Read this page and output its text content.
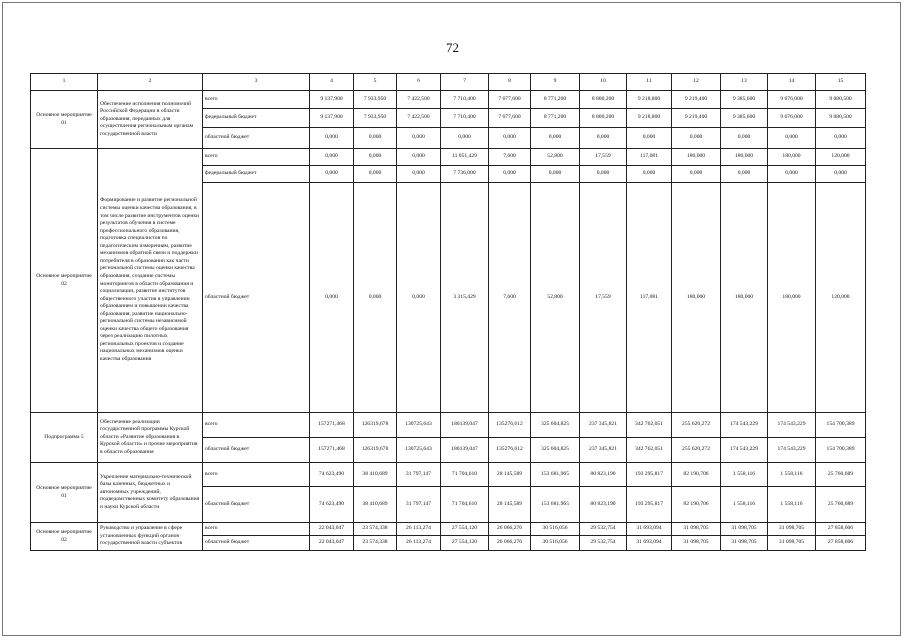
72
1	2	3	4	5	6	7	8	9	10	11	12	13	14	15
Основное мероприятие 01	Обеспечение исполнения полномочий Российской Федерации в области образования, переданных для осуществления региональным органам государственной власти	всего	9 137,900	7 933,950	7 422,500	7 710,400	7 677,600	8 771,200	8 800,200	9 218,800	9 219,400	9 385,600	9 676,000	9 080,500
		федеральный бюджет	9 137,900	7 933,950	7 422,500	7 710,400	7 677,600	8 771,200	8 800,200	9 218,800	9 219,400	9 385,600	9 676,000	9 080,500
		областной бюджет	0,000	0,000	0,000	0,000	0,000	0,000	0,000	0,000	0,000	0,000	0,000	0,000
Основное мероприятие 02	Формирование и развитие региональной системы оценки качества образования, в том числе развитие инструментов оценки результатов обучения в системе профессионального образования, подготовка специалистов по педагогическим измерениям, развитие механизмов обратной связи и поддержки потребителя в образовании как части региональной системы оценки качества образования, создание системы мониторингов в области образования и социализации, развитие институтов общественного участия в управлении образованием и повышении качества образования, развитие национально- региональной системы независимой оценки качества общего образования через реализацию пилотных региональных проектов и создание национальных механизмов оценки качества образования	всего	0,000	0,000	0,000	11 051,429	7,600	52,800	17,559	117,081	180,000	180,000	180,000	120,000
		федеральный бюджет	0,000	0,000	0,000	7 736,000	0,000	0,000	0,000	0,000	0,000	0,000	0,000	0,000
		областной бюджет	0,000	0,000	0,000	3 315,429	7,600	52,800	17,559	117,081	180,000	180,000	180,000	120,000
Подпрограмма 5	Обеспечение реализации государственной программы Курской области «Развитие образования в Курской области» и прочие мероприятия в области образования	всего	157271,468	126319,678	130725,643	180139,047	135276,612	325 604,825	237 345,821	342 762,051	255 620,272	174 543,229	174 543,229	154 700,389
		областной бюджет	157271,468	126319,678	130725,643	180139,047	135276,612	325 604,825	237 345,821	342 762,051	255 620,272	174 543,229	174 543,229	154 700,389
Основное мероприятие 01	Укрепление материально-технической базы казенных, бюджетных и автономных учреждений, подведомственных комитету образования и науки Курской области	всего	74 623,490	38 410,689	31 797,147	71 704,610	28 145,589	153 681,965	80 823,190	193 295,817	82 190,706	1 558,116	1 558,116	25 760,689
		областной бюджет	74 623,490	38 410,689	31 797,147	71 704,610	28 145,589	153 681,965	80 823,190	193 295,817	82 190,706	1 558,116	1 558,116	25 760,689
Основное мероприятие 02	Руководство и управление в сфере установленных функций органов государственной власти субъектов	всего	22 043,047	23 574,338	26 113,274	27 554,120	26 066,276	30 516,056	29 532,754	31 693,094	31 098,705	31 098,705	31 098,705	27 858,606
		областной бюджет	22 043,047	23 574,338	26 113,274	27 554,120	26 066,276	30 516,056	29 532,754	31 693,094	31 098,705	31 098,705	31 098,705	27 858,606
